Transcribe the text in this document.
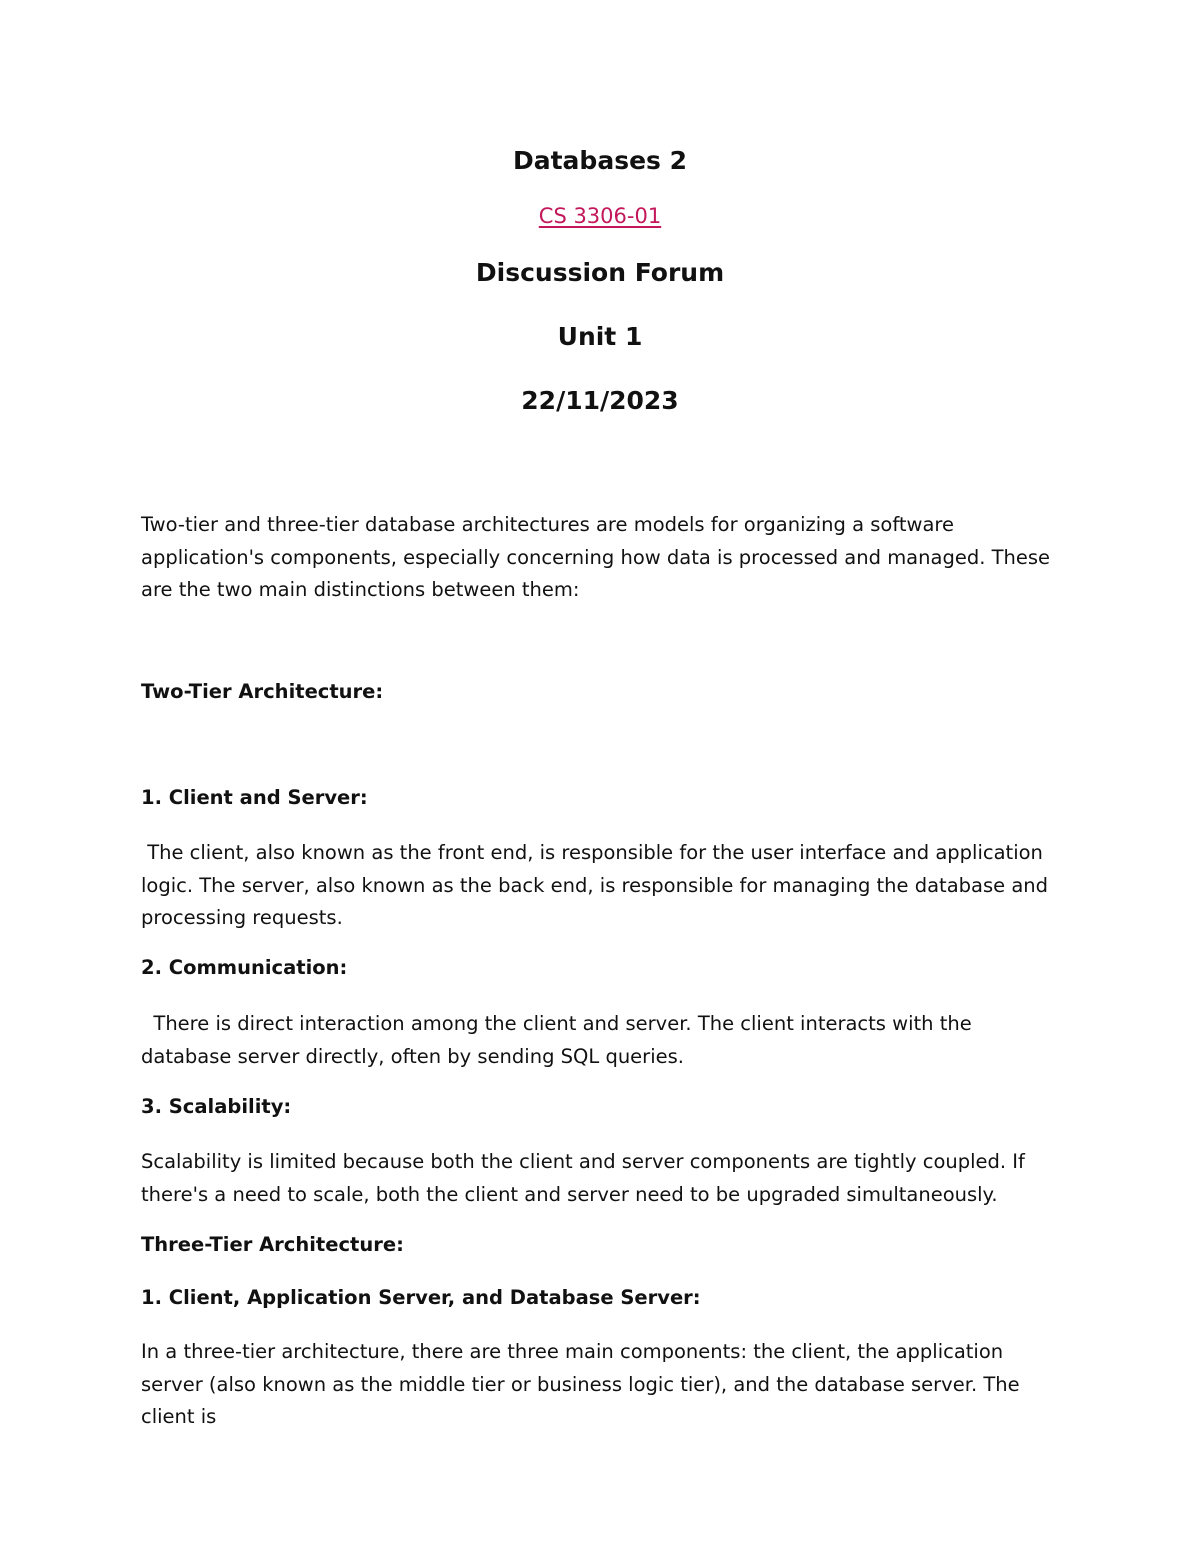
Databases 2
CS 3306-01
Discussion Forum
Unit 1
22/11/2023
Two-tier and three-tier database architectures are models for organizing a software application's components, especially concerning how data is processed and managed. These are the two main distinctions between them:
Two-Tier Architecture:
1. Client and Server:
The client, also known as the front end, is responsible for the user interface and application logic. The server, also known as the back end, is responsible for managing the database and processing requests.
2. Communication:
There is direct interaction among the client and server. The client interacts with the database server directly, often by sending SQL queries.
3. Scalability:
Scalability is limited because both the client and server components are tightly coupled. If there's a need to scale, both the client and server need to be upgraded simultaneously.
Three-Tier Architecture:
1. Client, Application Server, and Database Server:
In a three-tier architecture, there are three main components: the client, the application server (also known as the middle tier or business logic tier), and the database server. The client is
